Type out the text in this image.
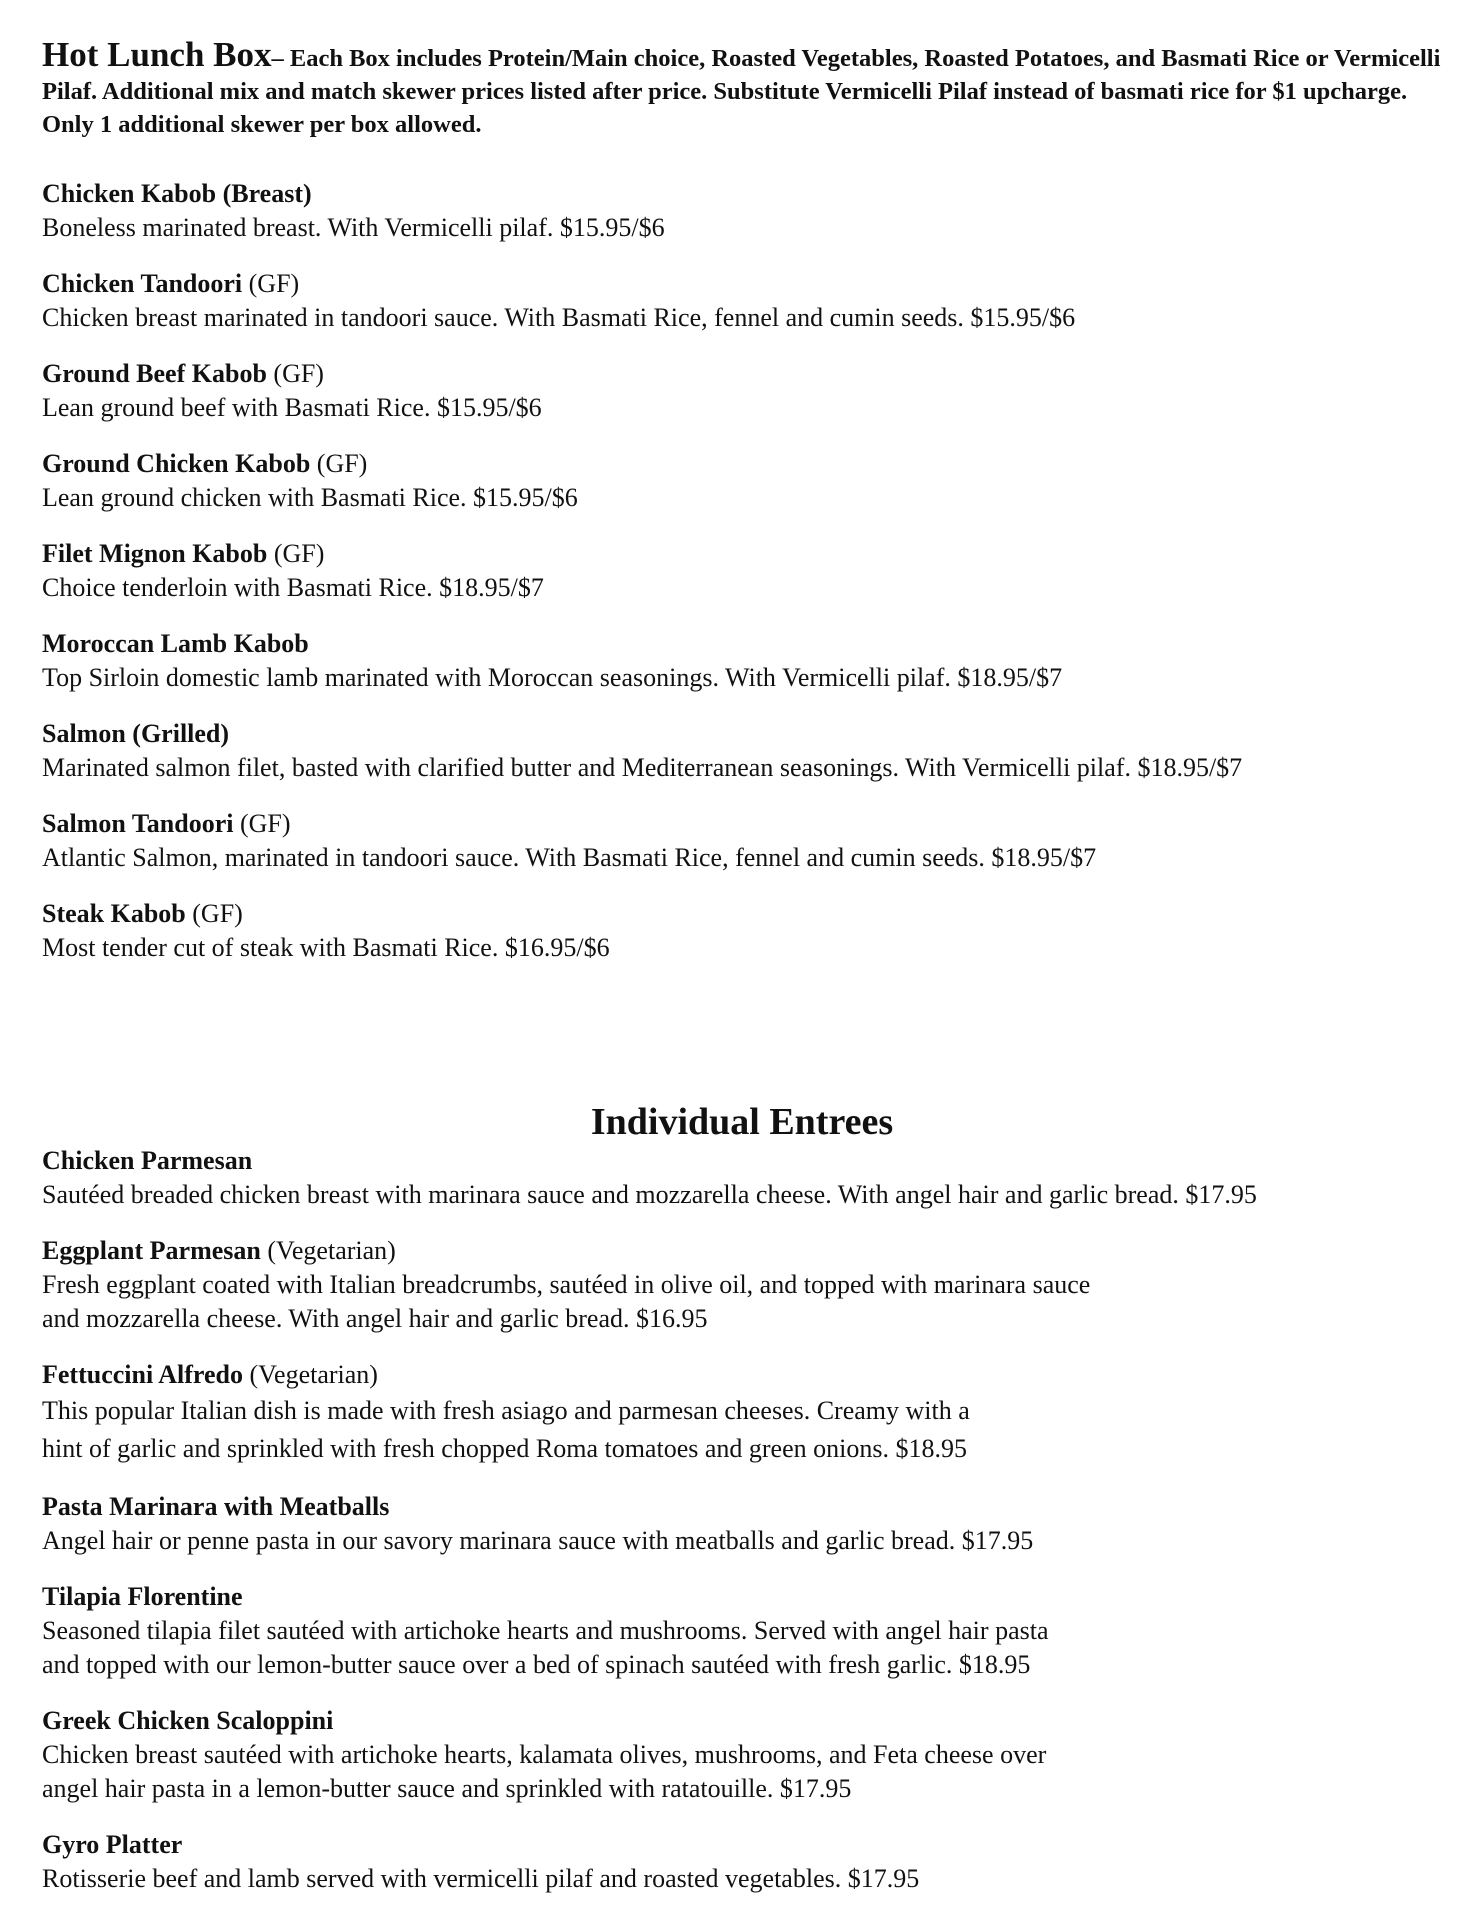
Hot Lunch Box– Each Box includes Protein/Main choice, Roasted Vegetables, Roasted Potatoes, and Basmati Rice or Vermicelli Pilaf. Additional mix and match skewer prices listed after price. Substitute Vermicelli Pilaf instead of basmati rice for $1 upcharge. Only 1 additional skewer per box allowed.

Chicken Kabob (Breast)

Boneless marinated breast. With Vermicelli pilaf. $15.95/$6

Chicken Tandoori (GF)

Chicken breast marinated in tandoori sauce. With Basmati Rice, fennel and cumin seeds. $15.95/$6

Ground Beef Kabob (GF)

Lean ground beef with Basmati Rice. $15.95/$6

Ground Chicken Kabob (GF)

Lean ground chicken with Basmati Rice. $15.95/$6

Filet Mignon Kabob (GF)

Choice tenderloin with Basmati Rice. $18.95/$7

Moroccan Lamb Kabob

Top Sirloin domestic lamb marinated with Moroccan seasonings. With Vermicelli pilaf. $18.95/$7

Salmon (Grilled)

Marinated salmon filet, basted with clarified butter and Mediterranean seasonings. With Vermicelli pilaf. $18.95/$7

Salmon Tandoori (GF)

Atlantic Salmon, marinated in tandoori sauce. With Basmati Rice, fennel and cumin seeds. $18.95/$7

Steak Kabob (GF)

Most tender cut of steak with Basmati Rice. $16.95/$6

Individual Entrees

Chicken Parmesan

Sautéed breaded chicken breast with marinara sauce and mozzarella cheese. With angel hair and garlic bread. $17.95

Eggplant Parmesan (Vegetarian)

Fresh eggplant coated with Italian breadcrumbs, sautéed in olive oil, and topped with marinara sauce
and mozzarella cheese. With angel hair and garlic bread. $16.95

Fettuccini Alfredo (Vegetarian)

This popular Italian dish is made with fresh asiago and parmesan cheeses. Creamy with a
hint of garlic and sprinkled with fresh chopped Roma tomatoes and green onions. $18.95

Pasta Marinara with Meatballs

Angel hair or penne pasta in our savory marinara sauce with meatballs and garlic bread. $17.95

Tilapia Florentine

Seasoned tilapia filet sautéed with artichoke hearts and mushrooms. Served with angel hair pasta
and topped with our lemon-butter sauce over a bed of spinach sautéed with fresh garlic. $18.95

Greek Chicken Scaloppini

Chicken breast sautéed with artichoke hearts, kalamata olives, mushrooms, and Feta cheese over
angel hair pasta in a lemon-butter sauce and sprinkled with ratatouille. $17.95

Gyro Platter

Rotisserie beef and lamb served with vermicelli pilaf and roasted vegetables. $17.95
